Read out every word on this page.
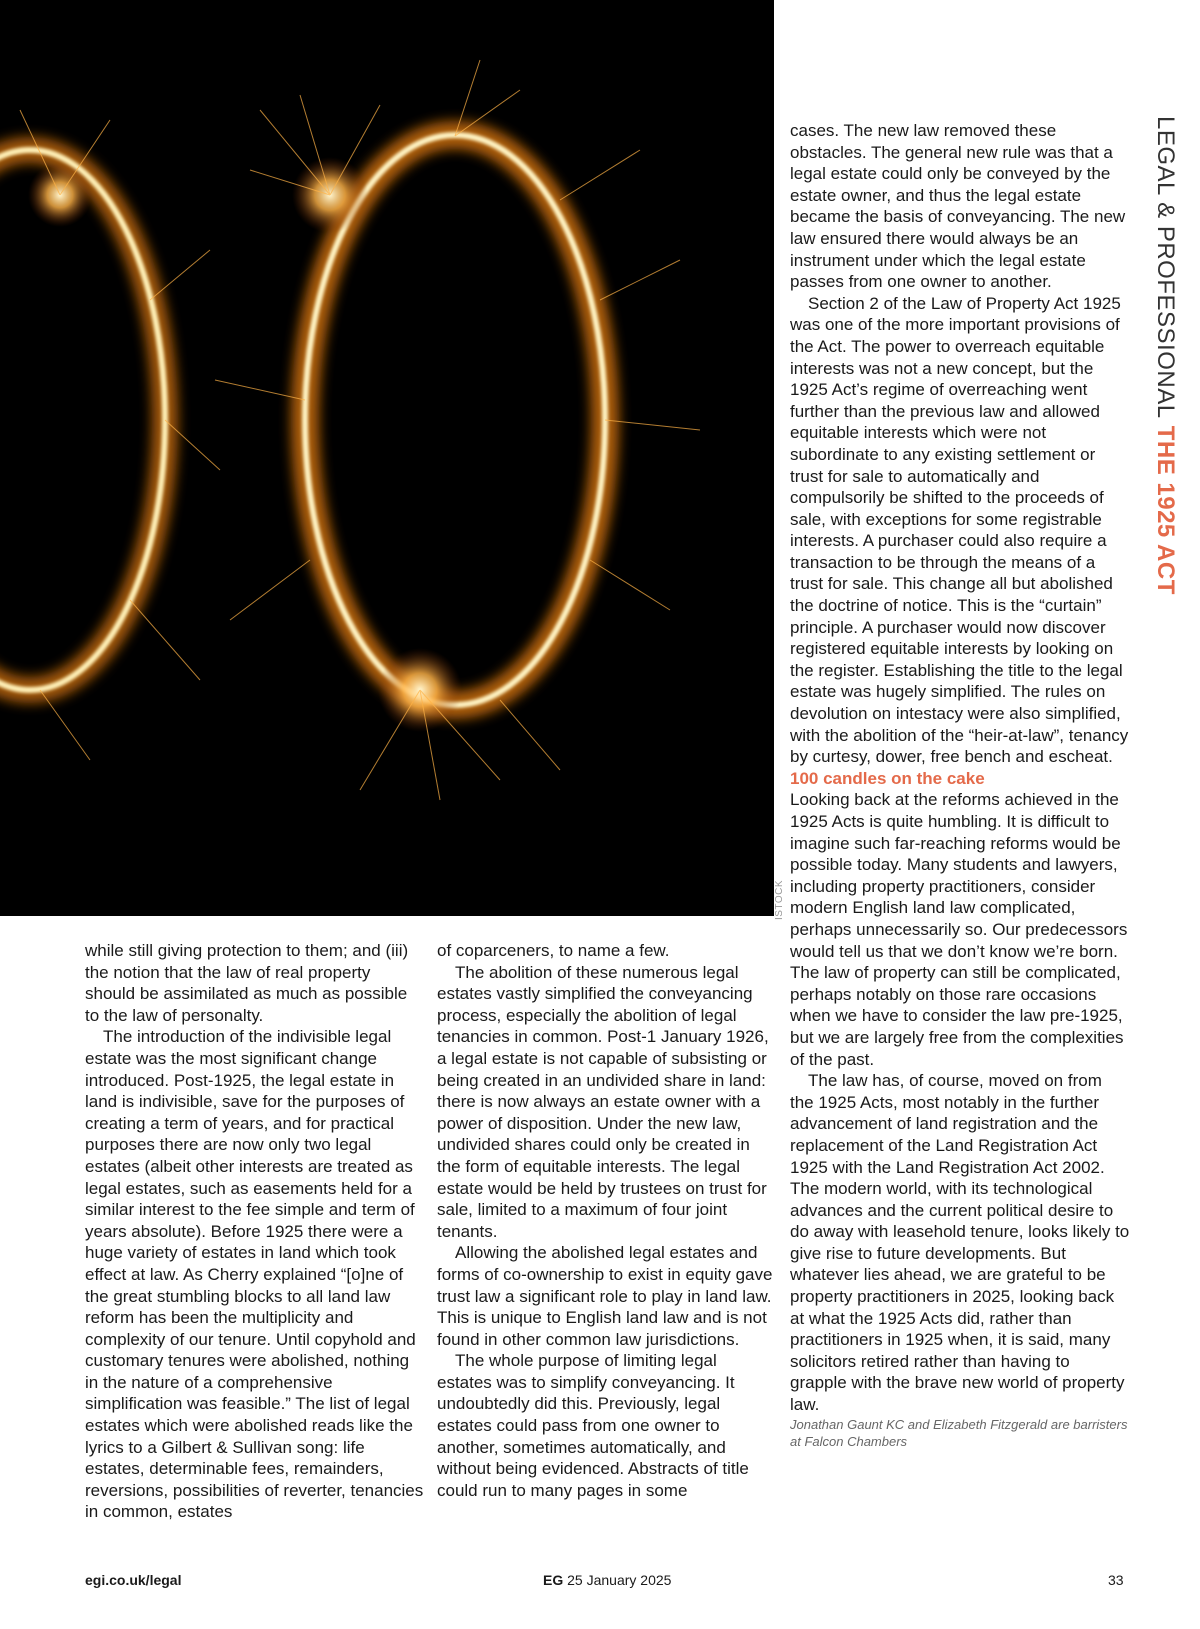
ISTOCK
LEGAL & PROFESSIONAL THE 1925 ACT

while still giving protection to them; and (iii) the notion that the law of real property should be assimilated as much as possible to the law of personalty.

The introduction of the indivisible legal estate was the most significant change introduced. Post-1925, the legal estate in land is indivisible, save for the purposes of creating a term of years, and for practical purposes there are now only two legal estates (albeit other interests are treated as legal estates, such as easements held for a similar interest to the fee simple and term of years absolute). Before 1925 there were a huge variety of estates in land which took effect at law. As Cherry explained “[o]ne of the great stumbling blocks to all land law reform has been the multiplicity and complexity of our tenure. Until copyhold and customary tenures were abolished, nothing in the nature of a comprehensive simplification was feasible.” The list of legal estates which were abolished reads like the lyrics to a Gilbert & Sullivan song: life estates, determinable fees, remainders, reversions, possibilities of reverter, tenancies in common, estates

of coparceners, to name a few.

The abolition of these numerous legal estates vastly simplified the conveyancing process, especially the abolition of legal tenancies in common. Post-1 January 1926, a legal estate is not capable of subsisting or being created in an undivided share in land: there is now always an estate owner with a power of disposition. Under the new law, undivided shares could only be created in the form of equitable interests. The legal estate would be held by trustees on trust for sale, limited to a maximum of four joint tenants.

Allowing the abolished legal estates and forms of co-ownership to exist in equity gave trust law a significant role to play in land law. This is unique to English land law and is not found in other common law jurisdictions.

The whole purpose of limiting legal estates was to simplify conveyancing. It undoubtedly did this. Previously, legal estates could pass from one owner to another, sometimes automatically, and without being evidenced. Abstracts of title could run to many pages in some

cases. The new law removed these obstacles. The general new rule was that a legal estate could only be conveyed by the estate owner, and thus the legal estate became the basis of conveyancing. The new law ensured there would always be an instrument under which the legal estate passes from one owner to another.

Section 2 of the Law of Property Act 1925 was one of the more important provisions of the Act. The power to overreach equitable interests was not a new concept, but the 1925 Act’s regime of overreaching went further than the previous law and allowed equitable interests which were not subordinate to any existing settlement or trust for sale to automatically and compulsorily be shifted to the proceeds of sale, with exceptions for some registrable interests. A purchaser could also require a transaction to be through the means of a trust for sale. This change all but abolished the doctrine of notice. This is the “curtain” principle. A purchaser would now discover registered equitable interests by looking on the register. Establishing the title to the legal estate was hugely simplified. The rules on devolution on intestacy were also simplified, with the abolition of the “heir-at-law”, tenancy by curtesy, dower, free bench and escheat.

100 candles on the cake

Looking back at the reforms achieved in the 1925 Acts is quite humbling. It is difficult to imagine such far-reaching reforms would be possible today. Many students and lawyers, including property practitioners, consider modern English land law complicated, perhaps unnecessarily so. Our predecessors would tell us that we don’t know we’re born. The law of property can still be complicated, perhaps notably on those rare occasions when we have to consider the law pre-1925, but we are largely free from the complexities of the past.

The law has, of course, moved on from the 1925 Acts, most notably in the further advancement of land registration and the replacement of the Land Registration Act 1925 with the Land Registration Act 2002. The modern world, with its technological advances and the current political desire to do away with leasehold tenure, looks likely to give rise to future developments. But whatever lies ahead, we are grateful to be property practitioners in 2025, looking back at what the 1925 Acts did, rather than practitioners in 1925 when, it is said, many solicitors retired rather than having to grapple with the brave new world of property law.

Jonathan Gaunt KC and Elizabeth Fitzgerald are barristers at Falcon Chambers

egi.co.uk/legal	EG 25 January 2025	33
